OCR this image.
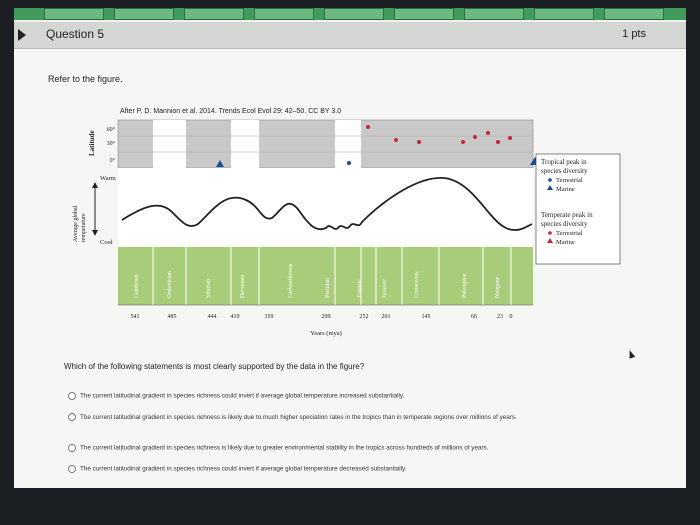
Question 5	1 pts
Refer to the figure.
After P. D. Mannion et al. 2014. Trends Ecol Evol 29: 42–50. CC BY 3.0
Latitude
60°
30°
0°
Average global temperature
Warm
Cool
Cambrian	Ordovician	Silurian	Devonian	Carboniferous	Permian	Triassic	Jurassic	Cretaceous	Paleogene	Neogene
541	485	444 419	359	299	252 201	145	66	23 0
Years (mya)
Tropical peak in
species diversity
Terrestrial
Marine
Temperate peak in
species diversity
Terrestrial
Marine
Which of the following statements is most clearly supported by the data in the figure?
The current latitudinal gradient in species richness could invert if average global temperature increased substantially.
The current latitudinal gradient in species richness is likely due to much higher speciation rates in the tropics than in temperate regions over millions of years.
The current latitudinal gradient in species richness is likely due to greater environmental stability in the tropics across hundreds of millions of years.
The current latitudinal gradient in species richness could invert if average global temperature decreased substantially.
